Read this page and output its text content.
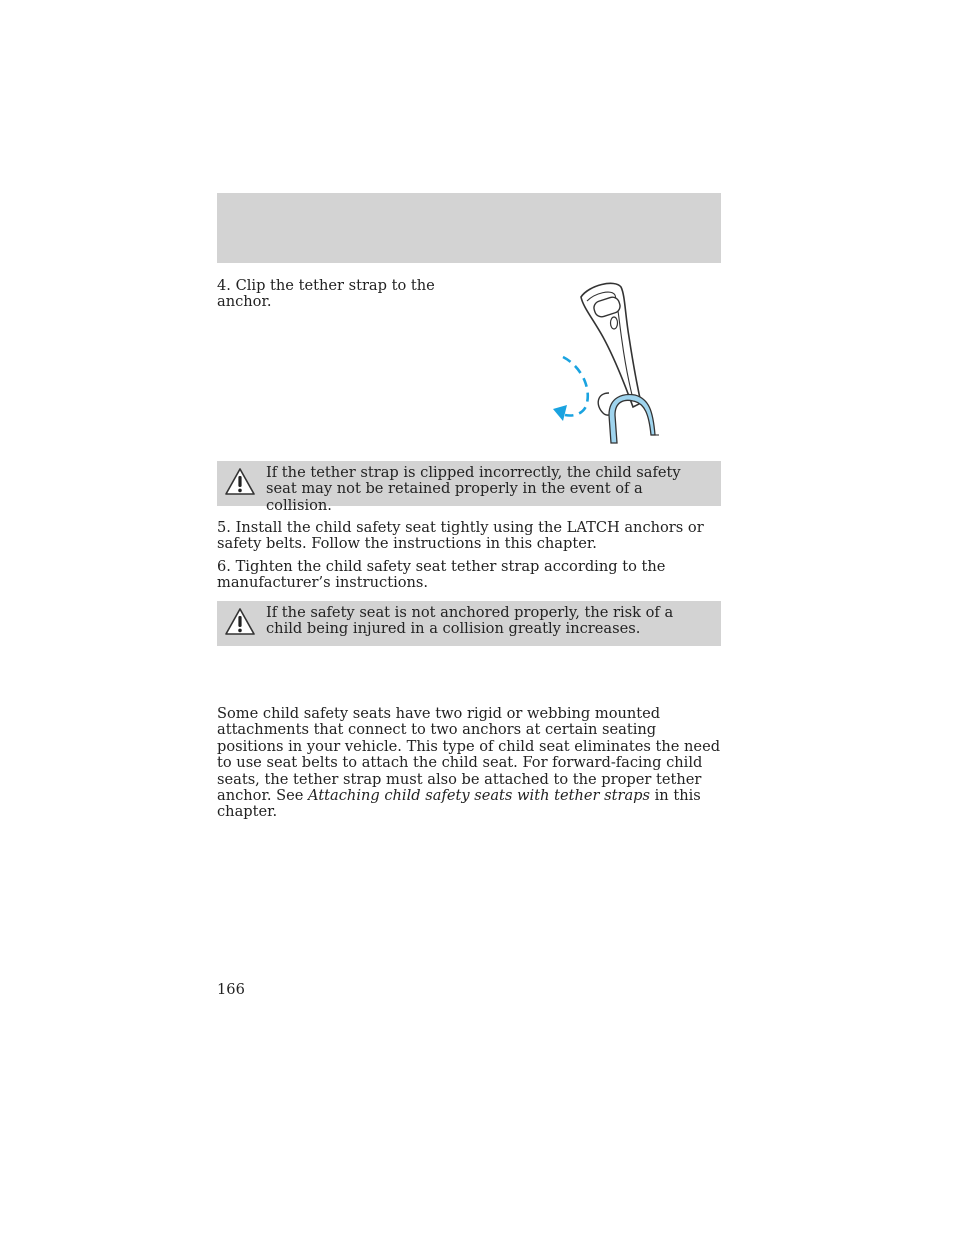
4. Clip the tether strap to the anchor.
If the tether strap is clipped incorrectly, the child safety seat may not be retained properly in the event of a collision.
5. Install the child safety seat tightly using the LATCH anchors or safety belts. Follow the instructions in this chapter.
6. Tighten the child safety seat tether strap according to the manufacturer’s instructions.
If the safety seat is not anchored properly, the risk of a child being injured in a collision greatly increases.
Some child safety seats have two rigid or webbing mounted attachments that connect to two anchors at certain seating positions in your vehicle. This type of child seat eliminates the need to use seat belts to attach the child seat. For forward-facing child seats, the tether strap must also be attached to the proper tether anchor. See Attaching child safety seats with tether straps in this chapter.
166
